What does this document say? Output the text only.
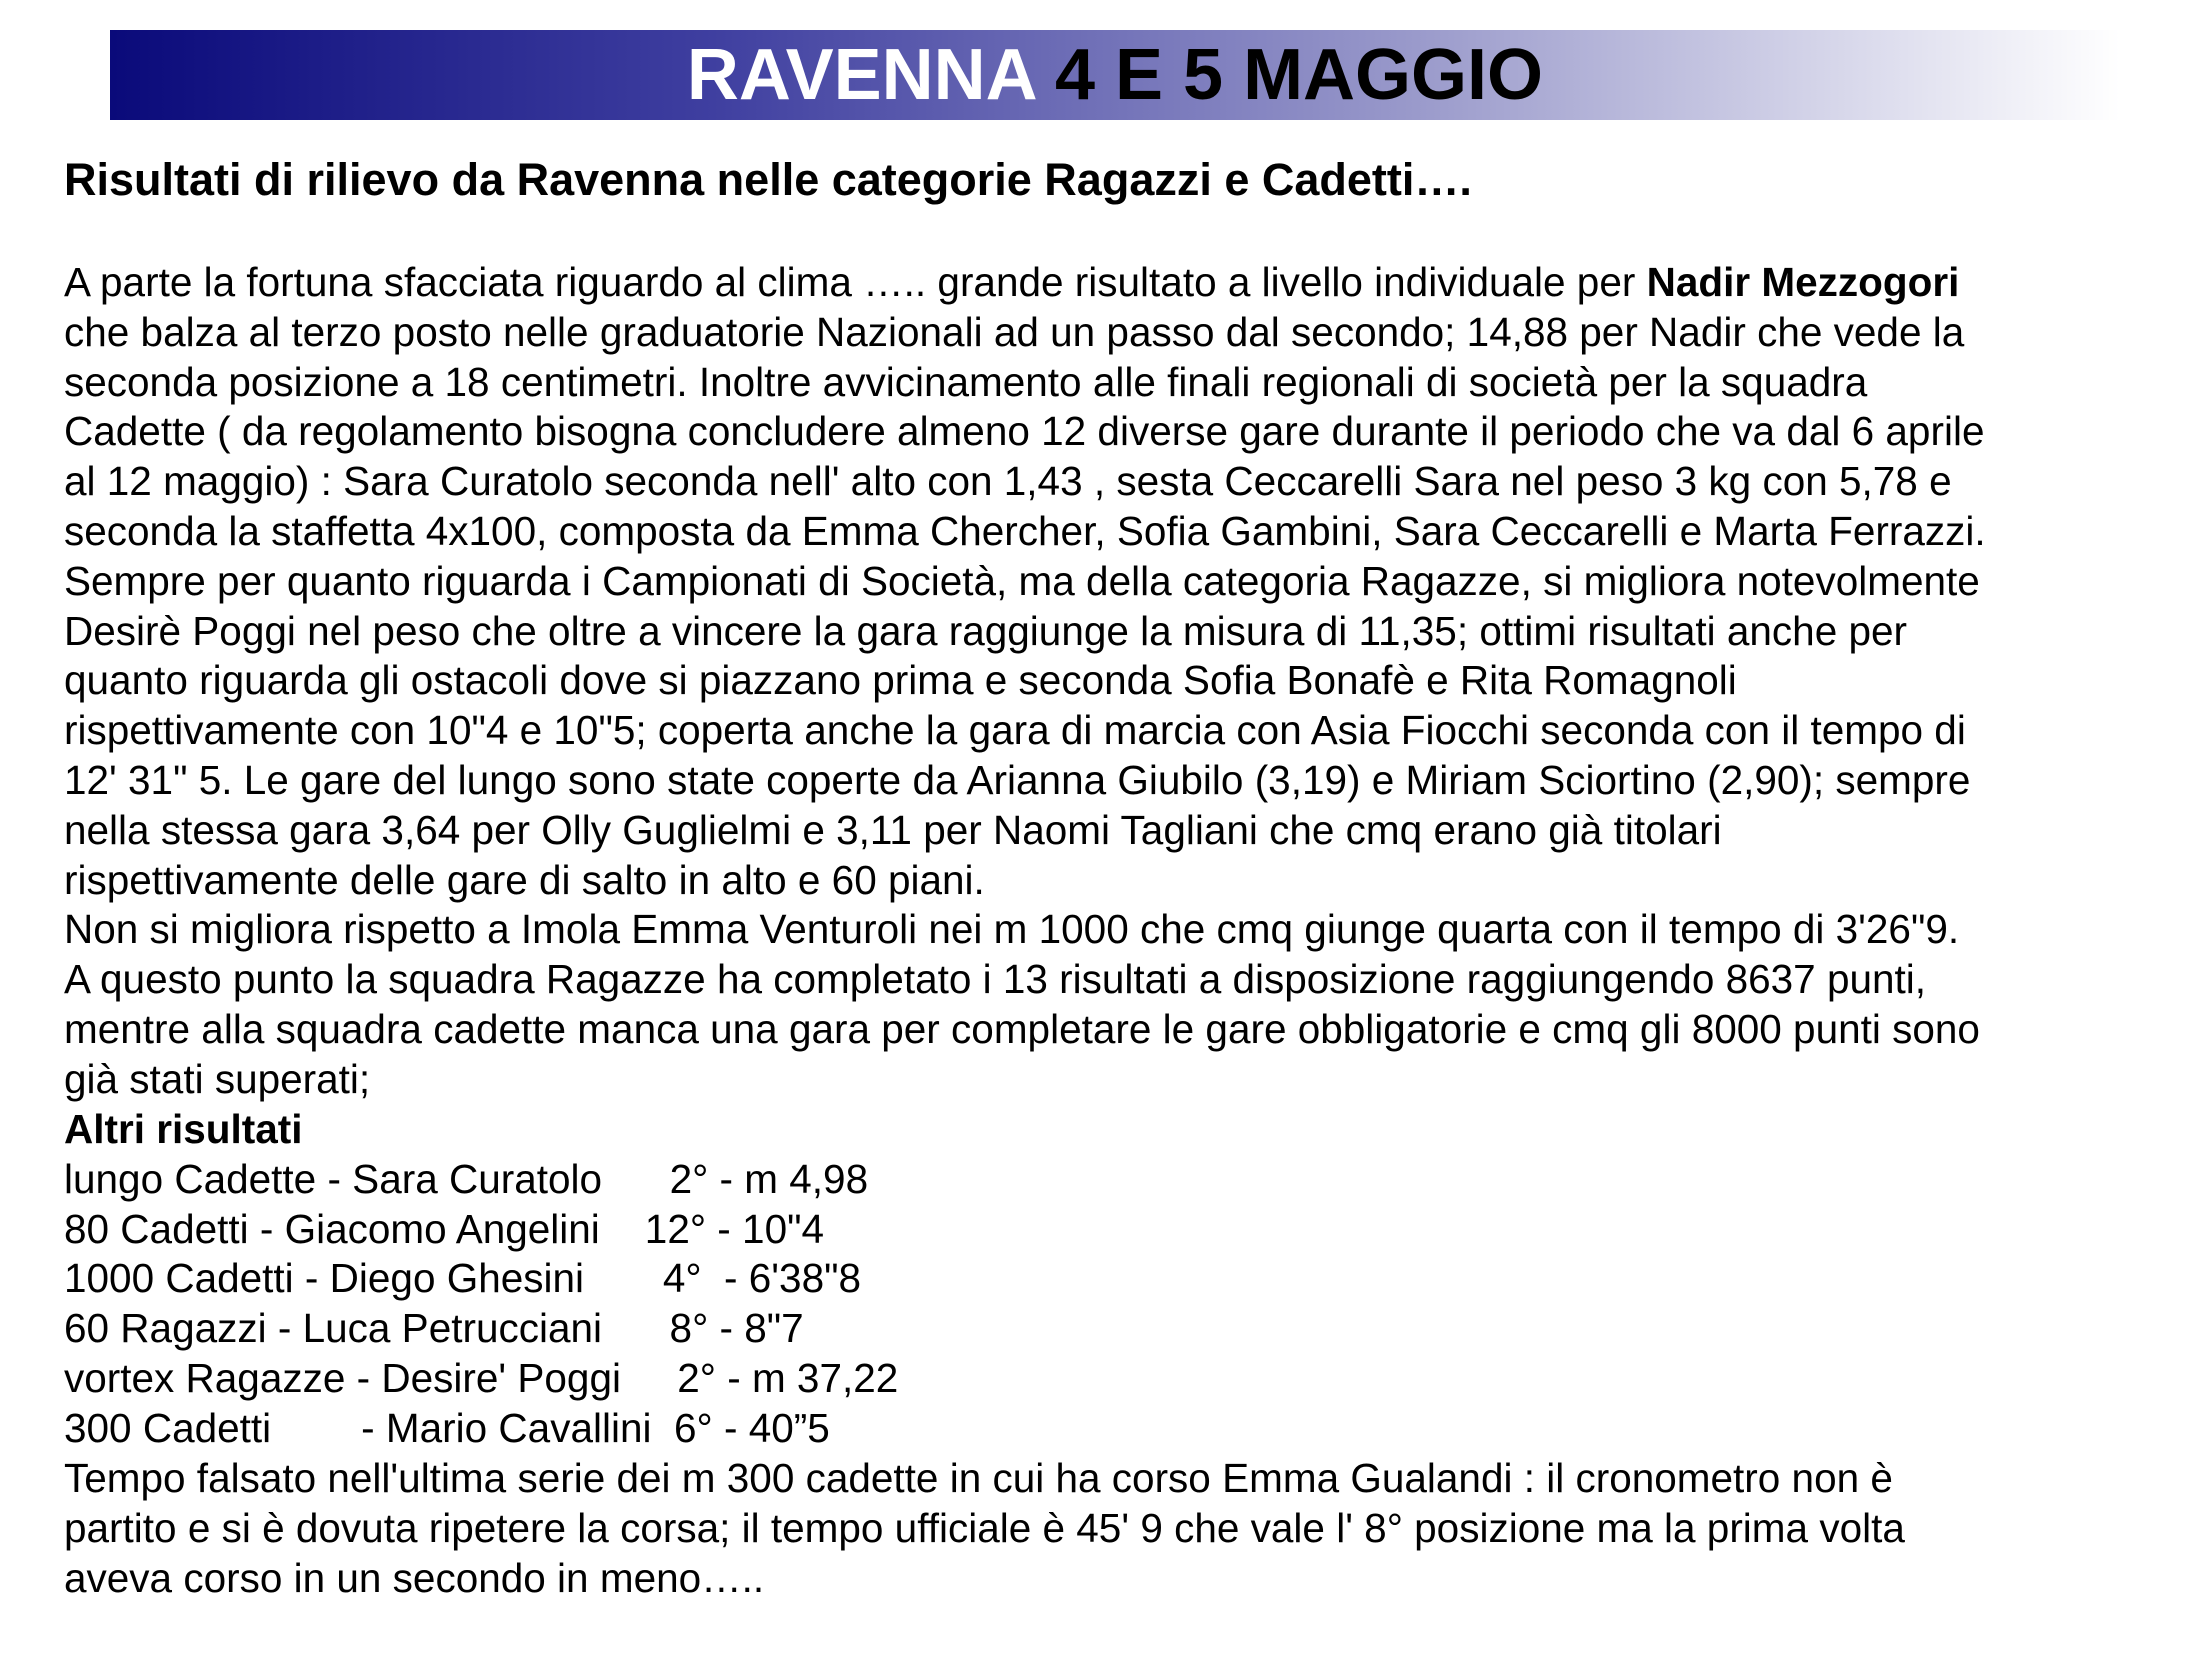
RAVENNA 4 E 5 MAGGIO
Risultati di rilievo da Ravenna nelle categorie Ragazzi e Cadetti….
A parte la fortuna sfacciata riguardo al clima ….. grande risultato a livello individuale per Nadir Mezzogori
che balza al terzo posto nelle graduatorie Nazionali ad un passo dal secondo; 14,88 per Nadir che vede la
seconda posizione a 18 centimetri. Inoltre avvicinamento alle finali regionali di società per la squadra
Cadette ( da regolamento bisogna concludere almeno 12 diverse gare durante il periodo che va dal 6 aprile
al 12 maggio) : Sara Curatolo seconda nell' alto con 1,43 , sesta Ceccarelli Sara nel peso 3 kg con 5,78 e
seconda la staffetta 4x100, composta da Emma Chercher, Sofia Gambini, Sara Ceccarelli e Marta Ferrazzi.
Sempre per quanto riguarda i Campionati di Società, ma della categoria Ragazze, si migliora notevolmente
Desirè Poggi nel peso che oltre a vincere la gara raggiunge la misura di 11,35; ottimi risultati anche per
quanto riguarda gli ostacoli dove si piazzano prima e seconda Sofia Bonafè e Rita Romagnoli
rispettivamente con 10"4 e 10"5; coperta anche la gara di marcia con Asia Fiocchi seconda con il tempo di
12' 31" 5. Le gare del lungo sono state coperte da Arianna Giubilo (3,19) e Miriam Sciortino (2,90); sempre
nella stessa gara 3,64 per Olly Guglielmi e 3,11 per Naomi Tagliani che cmq erano già titolari
rispettivamente delle gare di salto in alto e 60 piani.
Non si migliora rispetto a Imola Emma Venturoli nei m 1000 che cmq giunge quarta con il tempo di 3'26"9.
A questo punto la squadra Ragazze ha completato i 13 risultati a disposizione raggiungendo 8637 punti,
mentre alla squadra cadette manca una gara per completare le gare obbligatorie e cmq gli 8000 punti sono
già stati superati;
Altri risultati
lungo Cadette - Sara Curatolo      2° - m 4,98
80 Cadetti - Giacomo Angelini    12° - 10"4
1000 Cadetti - Diego Ghesini       4°  - 6'38"8
60 Ragazzi - Luca Petrucciani      8° - 8"7
vortex Ragazze - Desire' Poggi     2° - m 37,22
300 Cadetti        - Mario Cavallini  6° - 40”5
Tempo falsato nell'ultima serie dei m 300 cadette in cui ha corso Emma Gualandi : il cronometro non è
partito e si è dovuta ripetere la corsa; il tempo ufficiale è 45' 9 che vale l' 8° posizione ma la prima volta
aveva corso in un secondo in meno…..
